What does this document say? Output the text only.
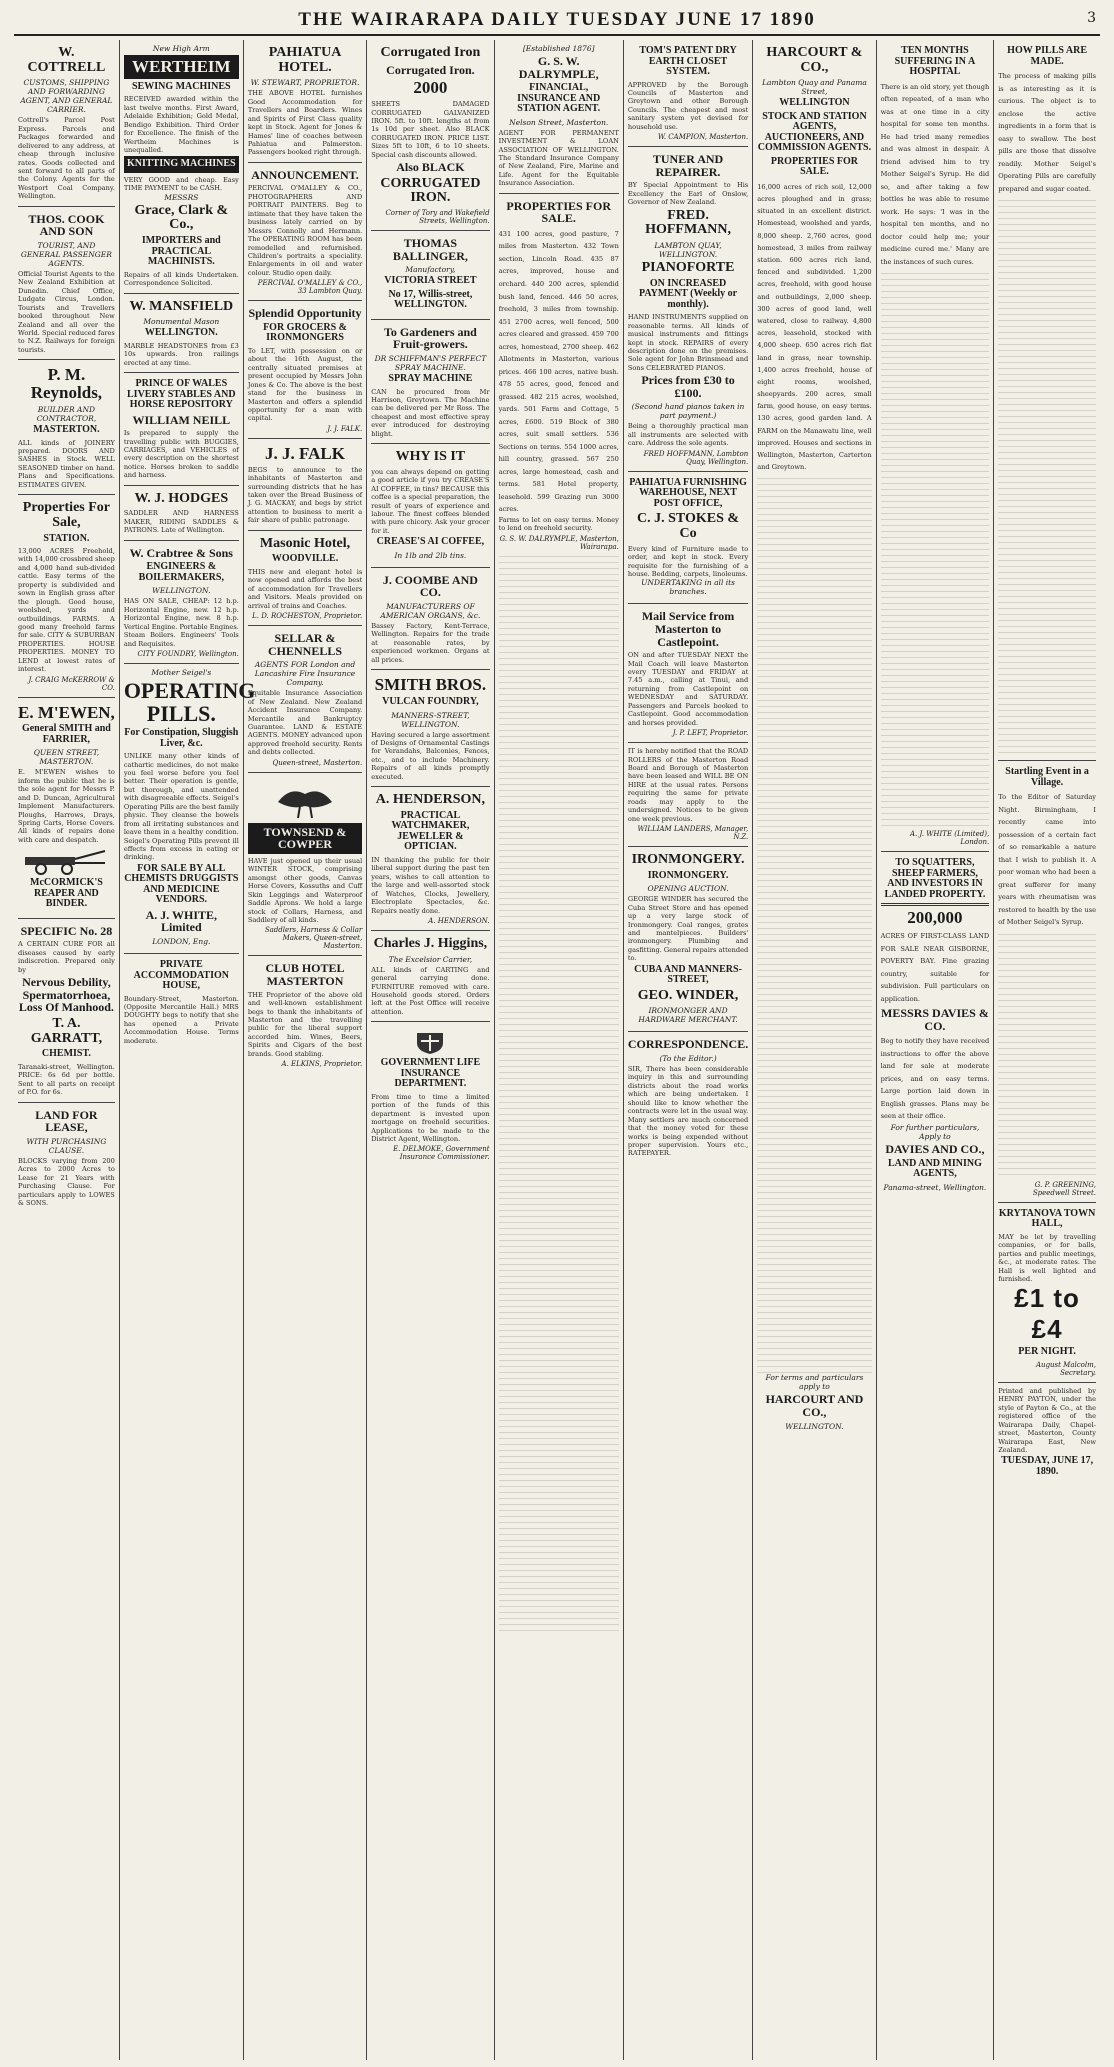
THE WAIRARAPA DAILY TUESDAY JUNE 17 1890	3
W. COTTRELL
CUSTOMS, SHIPPING AND FORWARDING AGENT, AND GENERAL CARRIER.
Cottrell's Parcel Post Express. Parcels and Packages forwarded and delivered to any address, at cheap through inclusive rates. Goods collected and sent forward to all parts of the Colony. Agents for the Westport Coal Company. Wellington.
THOS. COOK AND SON
TOURIST, AND GENERAL PASSENGER AGENTS.
Official Tourist Agents to the New Zealand Exhibition at Dunedin. Chief Office, Ludgate Circus, London. Tourists and Travellers booked throughout New Zealand and all over the World. Special reduced fares to N.Z. Railways for foreign tourists.
P. M. Reynolds,
BUILDER AND CONTRACTOR,
MASTERTON.
ALL kinds of JOINERY prepared. DOORS AND SASHES in Stock. WELL SEASONED timber on hand. Plans and Specifications. ESTIMATES GIVEN.
Properties For Sale,
STATION.
13,000 ACRES Freehold, with 14,000 crossbred sheep and 4,000 hand sub-divided cattle. Easy terms of the property is subdivided and sown in English grass after the plough. Good house, woolshed, yards and outbuildings. FARMS. A good many freehold farms for sale. CITY & SUBURBAN PROPERTIES. HOUSE PROPERTIES. MONEY TO LEND at lowest rates of interest.
J. CRAIG McKERROW & CO.
E. M'EWEN,
General SMITH and FARRIER,
QUEEN STREET, MASTERTON.
E. M'EWEN wishes to inform the public that he is the sole agent for Messrs P. and D. Duncan, Agricultural Implement Manufacturers. Ploughs, Harrows, Drays, Spring Carts, Horse Covers. All kinds of repairs done with care and despatch.
McCORMICK'S REAPER AND BINDER.
SPECIFIC No. 28
A CERTAIN CURE FOR all diseases caused by early indiscretion. Prepared only by
Nervous Debility, Spermatorrhoea, Loss Of Manhood.
T. A. GARRATT,
CHEMIST.
Taranaki-street, Wellington. PRICE: 6s 6d per bottle. Sent to all parts on receipt of P.O. for 6s.
LAND FOR LEASE,
WITH PURCHASING CLAUSE.
BLOCKS varying from 200 Acres to 2000 Acres to Lease for 21 Years with Purchasing Clause. For particulars apply to LOWES & SONS.
New High Arm
WERTHEIM
SEWING MACHINES
RECEIVED awarded within the last twelve months. First Award, Adelaide Exhibition; Gold Medal, Bendigo Exhibition. Third Order for Excellence. The finish of the Wertheim Machines is unequalled.
KNITTING MACHINES
VERY GOOD and cheap. Easy TIME PAYMENT to be CASH.
MESSRS
Grace, Clark & Co.,
IMPORTERS and PRACTICAL MACHINISTS.
Repairs of all kinds Undertaken. Correspondence Solicited.
W. MANSFIELD
Monumental Mason
WELLINGTON.
MARBLE HEADSTONES from £3 10s upwards. Iron railings erected at any time.
PRINCE OF WALES LIVERY STABLES AND HORSE REPOSITORY
WILLIAM NEILL
Is prepared to supply the travelling public with BUGGIES, CARRIAGES, and VEHICLES of every description on the shortest notice. Horses broken to saddle and harness.
W. J. HODGES
SADDLER AND HARNESS MAKER, RIDING SADDLES & PATRONS. Late of Wellington.
W. Crabtree & Sons
ENGINEERS & BOILERMAKERS,
WELLINGTON.
HAS ON SALE, CHEAP: 12 h.p. Horizontal Engine, new. 12 h.p. Horizontal Engine, new. 8 h.p. Vertical Engine. Portable Engines. Steam Boilers. Engineers' Tools and Requisites.
CITY FOUNDRY, Wellington.
Mother Seigel's
OPERATING PILLS.
For Constipation, Sluggish Liver, &c.
UNLIKE many other kinds of cathartic medicines, do not make you feel worse before you feel better. Their operation is gentle, but thorough, and unattended with disagreeable effects. Seigel's Operating Pills are the best family physic. They cleanse the bowels from all irritating substances and leave them in a healthy condition. Seigel's Operating Pills prevent ill effects from excess in eating or drinking.
FOR SALE BY ALL CHEMISTS DRUGGISTS AND MEDICINE VENDORS.
A. J. WHITE, Limited
LONDON, Eng.
PRIVATE ACCOMMODATION HOUSE,
Boundary-Street, Masterton. (Opposite Mercantile Hall.) MRS DOUGHTY begs to notify that she has opened a Private Accommodation House. Terms moderate.
PAHIATUA HOTEL.
W. STEWART, PROPRIETOR.
THE ABOVE HOTEL furnishes Good Accommodation for Travellers and Boarders. Wines and Spirits of First Class quality kept in Stock. Agent for Jones & Hames' line of coaches between Pahiatua and Palmerston. Passengers booked right through.
ANNOUNCEMENT.
PERCIVAL O'MALLEY & CO., PHOTOGRAPHERS AND PORTRAIT PAINTERS. Beg to intimate that they have taken the business lately carried on by Messrs Connolly and Hermann. The OPERATING ROOM has been remodelled and refurnished. Children's portraits a speciality. Enlargements in oil and water colour. Studio open daily.
PERCIVAL O'MALLEY & CO., 33 Lambton Quay.
Splendid Opportunity
FOR GROCERS & IRONMONGERS
To LET, with possession on or about the 16th August, the centrally situated premises at present occupied by Messrs John Jones & Co. The above is the best stand for the business in Masterton and offers a splendid opportunity for a man with capital.
J. J. FALK.
J. J. FALK
BEGS to announce to the inhabitants of Masterton and surrounding districts that he has taken over the Bread Business of J. G. MACKAY, and begs by strict attention to business to merit a fair share of public patronage.
Masonic Hotel,
WOODVILLE.
THIS new and elegant hotel is now opened and affords the best of accommodation for Travellers and Visitors. Meals provided on arrival of trains and Coaches.
L. D. ROCHESTON, Proprietor.
SELLAR & CHENNELLS
AGENTS FOR London and Lancashire Fire Insurance Company.
Equitable Insurance Association of New Zealand. New Zealand Accident Insurance Company. Mercantile and Bankruptcy Guarantee. LAND & ESTATE AGENTS. MONEY advanced upon approved freehold security. Rents and debts collected.
Queen-street, Masterton.
TOWNSEND & COWPER
HAVE just opened up their usual WINTER STOCK, comprising amongst other goods, Canvas Horse Covers, Kossuths and Cuff Skin Leggings and Waterproof Saddle Aprons. We hold a large stock of Collars, Harness, and Saddlery of all kinds.
Saddlers, Harness & Collar Makers, Queen-street, Masterton.
CLUB HOTEL MASTERTON
THE Proprietor of the above old and well-known establishment begs to thank the inhabitants of Masterton and the travelling public for the liberal support accorded him. Wines, Beers, Spirits and Cigars of the best brands. Good stabling.
A. ELKINS, Proprietor.
Corrugated Iron
Corrugated Iron.
2000
SHEETS DAMAGED CORRUGATED GALVANIZED IRON. 5ft. to 10ft. lengths at from 1s 10d per sheet. Also BLACK CORRUGATED IRON. PRICE LIST. Sizes 5ft to 10ft, 6 to 10 sheets. Special cash discounts allowed.
Also BLACK
CORRUGATED IRON.
Corner of Tory and Wakefield Streets, Wellington.
THOMAS BALLINGER,
Manufactory,
VICTORIA STREET
No 17, Willis-street, WELLINGTON.
To Gardeners and Fruit-growers.
DR SCHIFFMAN'S PERFECT SPRAY MACHINE.
SPRAY MACHINE
CAN be procured from Mr Harrison, Greytown. The Machine can be delivered per Mr Ross. The cheapest and most effective spray ever introduced for destroying blight.
WHY IS IT
you can always depend on getting a good article if you try CREASE'S AI COFFEE, in tins? BECAUSE this coffee is a special preparation, the result of years of experience and labour. The finest coffees blended with pure chicory. Ask your grocer for it.
CREASE'S AI COFFEE,
In 1lb and 2lb tins.
J. COOMBE AND CO.
MANUFACTURERS OF AMERICAN ORGANS, &c.
Bassey Factory, Kent-Terrace, Wellington. Repairs for the trade at reasonable rates, by experienced workmen. Organs at all prices.
SMITH BROS.
VULCAN FOUNDRY,
MANNERS-STREET, WELLINGTON.
Having secured a large assortment of Designs of Ornamental Castings for Verandahs, Balconies, Fences, etc., and to include Machinery. Repairs of all kinds promptly executed.
A. HENDERSON,
PRACTICAL WATCHMAKER, JEWELLER & OPTICIAN.
IN thanking the public for their liberal support during the past ten years, wishes to call attention to the large and well-assorted stock of Watches, Clocks, Jewellery, Electroplate Spectacles, &c. Repairs neatly done.
A. HENDERSON.
Charles J. Higgins,
The Excelsior Carrier,
ALL kinds of CARTING and general carrying done. FURNITURE removed with care. Household goods stored. Orders left at the Post Office will receive attention.
GOVERNMENT LIFE INSURANCE DEPARTMENT.
From time to time a limited portion of the funds of this department is invested upon mortgage on freehold securities. Applications to be made to the District Agent, Wellington.
E. DELMOKE, Government Insurance Commissioner.
[Established 1876]
G. S. W. DALRYMPLE,
FINANCIAL, INSURANCE AND STATION AGENT.
Nelson Street, Masterton.
AGENT FOR PERMANENT INVESTMENT & LOAN ASSOCIATION OF WELLINGTON. The Standard Insurance Company of New Zealand, Fire, Marine and Life. Agent for the Equitable Insurance Association.
PROPERTIES FOR SALE.
431 100 acres, good pasture, 7 miles from Masterton. 432 Town section, Lincoln Road. 435 87 acres, improved, house and orchard. 440 200 acres, splendid bush land, fenced. 446 50 acres, freehold, 3 miles from township. 451 2700 acres, well fenced, 500 acres cleared and grassed. 459 700 acres, homestead, 2700 sheep. 462 Allotments in Masterton, various prices. 466 100 acres, native bush. 478 55 acres, good, fenced and grassed. 482 215 acres, woolshed, yards. 501 Farm and Cottage, 5 acres, £600. 519 Block of 380 acres, suit small settlers. 536 Sections on terms. 554 1000 acres, hill country, grassed. 567 250 acres, large homestead, cash and terms. 581 Hotel property, leasehold. 599 Grazing run 3000 acres.
Farms to let on easy terms. Money to lend on freehold security.
G. S. W. DALRYMPLE, Masterton, Wairarapa.
TOM'S PATENT DRY EARTH CLOSET SYSTEM.
APPROVED by the Borough Councils of Masterton and Greytown and other Borough Councils. The cheapest and most sanitary system yet devised for household use.
W. CAMPION, Masterton.
TUNER AND REPAIRER.
BY Special Appointment to His Excellency the Earl of Onslow, Governor of New Zealand.
FRED. HOFFMANN,
LAMBTON QUAY, WELLINGTON.
PIANOFORTE
ON INCREASED PAYMENT (Weekly or monthly).
HAND INSTRUMENTS supplied on reasonable terms. All kinds of musical instruments and fittings kept in stock. REPAIRS of every description done on the premises. Sole agent for John Brinsmead and Sons CELEBRATED PIANOS.
Prices from £30 to £100.
(Second hand pianos taken in part payment.)
Being a thoroughly practical man all instruments are selected with care. Address the sole agents.
FRED HOFFMANN, Lambton Quay, Wellington.
PAHIATUA FURNISHING WAREHOUSE, NEXT POST OFFICE,
C. J. STOKES & Co
Every kind of Furniture made to order, and kept in stock. Every requisite for the furnishing of a house. Bedding, carpets, linoleums.
UNDERTAKING in all its branches.
Mail Service from Masterton to Castlepoint.
ON and after TUESDAY NEXT the Mail Coach will leave Masterton every TUESDAY and FRIDAY at 7.45 a.m., calling at Tinui, and returning from Castlepoint on WEDNESDAY and SATURDAY. Passengers and Parcels booked to Castlepoint. Good accommodation and horses provided.
J. P. LEFT, Proprietor.
IT is hereby notified that the ROAD ROLLERS of the Masterton Road Board and Borough of Masterton have been leased and WILL BE ON HIRE at the usual rates. Persons requiring the same for private roads may apply to the undersigned. Notices to be given one week previous.
WILLIAM LANDERS, Manager, N.Z.
IRONMONGERY.
IRONMONGERY.
OPENING AUCTION.
GEORGE WINDER has secured the Cuba Street Store and has opened up a very large stock of Ironmongery. Coal ranges, grates and mantelpieces. Builders' ironmongery. Plumbing and gasfitting. General repairs attended to.
CUBA AND MANNERS-STREET,
GEO. WINDER,
IRONMONGER AND HARDWARE MERCHANT.
CORRESPONDENCE.
(To the Editor.)
SIR, There has been considerable inquiry in this and surrounding districts about the road works which are being undertaken. I should like to know whether the contracts were let in the usual way. Many settlers are much concerned that the money voted for these works is being expended without proper supervision. Yours etc., RATEPAYER.
HARCOURT & CO.,
Lambton Quay and Panama Street,
WELLINGTON
STOCK AND STATION AGENTS, AUCTIONEERS, AND COMMISSION AGENTS.
PROPERTIES FOR SALE.
16,000 acres of rich soil, 12,000 acres ploughed and in grass; situated in an excellent district. Homestead, woolshed and yards, 8,000 sheep. 2,760 acres, good homestead, 3 miles from railway station. 600 acres rich land, fenced and subdivided. 1,200 acres, freehold, with good house and outbuildings, 2,000 sheep. 300 acres of good land, well watered, close to railway. 4,800 acres, leasehold, stocked with 4,000 sheep. 650 acres rich flat land in grass, near township. 1,400 acres freehold, house of eight rooms, woolshed, sheepyards. 200 acres, small farm, good house, on easy terms. 130 acres, good garden land. A FARM on the Manawatu line, well improved. Houses and sections in Wellington, Masterton, Carterton and Greytown.
For terms and particulars apply to
HARCOURT AND CO.,
WELLINGTON.
TEN MONTHS SUFFERING IN A HOSPITAL
There is an old story, yet though often repeated, of a man who was at one time in a city hospital for some ten months. He had tried many remedies and was almost in despair. A friend advised him to try Mother Seigel's Syrup. He did so, and after taking a few bottles he was able to resume work. He says: 'I was in the hospital ten months, and no doctor could help me; your medicine cured me.' Many are the instances of such cures.
A. J. WHITE (Limited), London.
TO SQUATTERS, SHEEP FARMERS, AND INVESTORS IN LANDED PROPERTY.
200,000
ACRES OF FIRST-CLASS LAND FOR SALE NEAR GISBORNE, POVERTY BAY. Fine grazing country, suitable for subdivision. Full particulars on application.
MESSRS DAVIES & CO.
Beg to notify they have received instructions to offer the above land for sale at moderate prices, and on easy terms. Large portion laid down in English grasses. Plans may be seen at their office.
For further particulars, Apply to
DAVIES AND CO.,
LAND AND MINING AGENTS,
Panama-street, Wellington.
HOW PILLS ARE MADE.
The process of making pills is as interesting as it is curious. The object is to enclose the active ingredients in a form that is easy to swallow. The best pills are those that dissolve readily. Mother Seigel's Operating Pills are carefully prepared and sugar coated.
Startling Event in a Village.
To the Editor of Saturday Night. Birmingham, I recently came into possession of a certain fact of so remarkable a nature that I wish to publish it. A poor woman who had been a great sufferer for many years with rheumatism was restored to health by the use of Mother Seigel's Syrup.
G. P. GREENING, Speedwell Street.
KRYTANOVA TOWN HALL,
MAY be let by travelling companies, or for balls, parties and public meetings, &c., at moderate rates. The Hall is well lighted and furnished.
£1 to £4
PER NIGHT.
August Malcolm, Secretary.
Printed and published by HENRY PAYTON, under the style of Payton & Co., at the registered office of the Wairarapa Daily, Chapel-street, Masterton, County Wairarapa East, New Zealand.
TUESDAY, JUNE 17, 1890.
